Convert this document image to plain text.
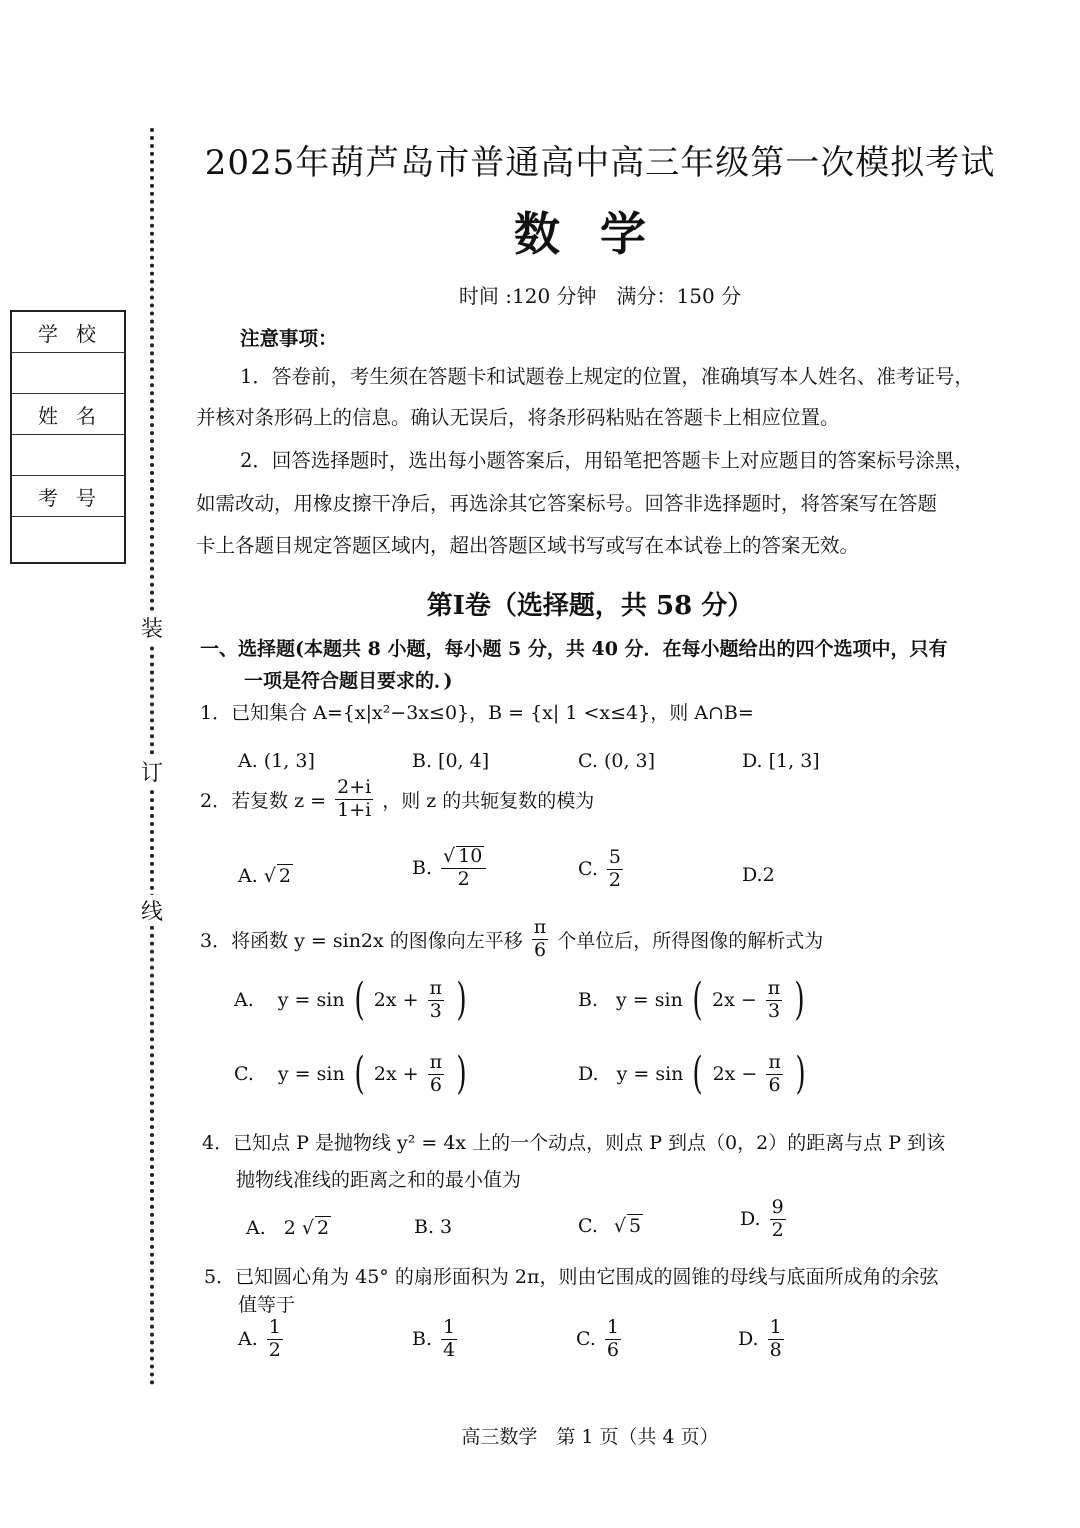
装
订
线
学校
姓名
考号
2025年葫芦岛市普通高中高三年级第一次模拟考试
数学
时间 :120 分钟　满分：150 分
注意事项：
1．答卷前，考生须在答题卡和试题卷上规定的位置，准确填写本人姓名、准考证号，
并核对条形码上的信息。确认无误后，将条形码粘贴在答题卡上相应位置。
2．回答选择题时，选出每小题答案后，用铅笔把答题卡上对应题目的答案标号涂黑，
如需改动，用橡皮擦干净后，再选涂其它答案标号。回答非选择题时，将答案写在答题
卡上各题目规定答题区域内，超出答题区域书写或写在本试卷上的答案无效。
第Ⅰ卷（选择题，共 58 分）
一、选择题(本题共 8 小题，每小题 5 分，共 40 分．在每小题给出的四个选项中，只有
一项是符合题目要求的．)
1．已知集合 A={x|x²−3x≤0}，B = {x| 1 <x≤4}，则 A∩B=
A. (1, 3]	B. [0, 4]	C. (0, 3]	D. [1, 3]
2．若复数 $z = \frac{2+i}{1+i}$ ，则 z 的共轭复数的模为
A. √ 2	B. $\frac{√ 10}{2}$	C. $\frac{5}{2}$	D.2
3．将函数 y = sin2x 的图像向左平移 $\frac{\pi}{6}$ 个单位后，所得图像的解析式为
A. y = sin ( $2x + \frac{\pi}{3}$ )	B. y = sin ( $2x - \frac{\pi}{3}$ )
C. y = sin ( $2x + \frac{\pi}{6}$ )	D. y = sin ( $2x - \frac{\pi}{6}$ )
4．已知点 P 是抛物线 y² = 4x 上的一个动点，则点 P 到点（0，2）的距离与点 P 到该
抛物线准线的距离之和的最小值为
A. 2 √ 2	B. 3	C. √ 5	D. $\frac{9}{2}$
5．已知圆心角为 45° 的扇形面积为 2π，则由它围成的圆锥的母线与底面所成角的余弦
值等于
A. $\frac{1}{2}$	B. $\frac{1}{4}$	C. $\frac{1}{6}$	D. $\frac{1}{8}$
高三数学　第 1 页（共 4 页）
